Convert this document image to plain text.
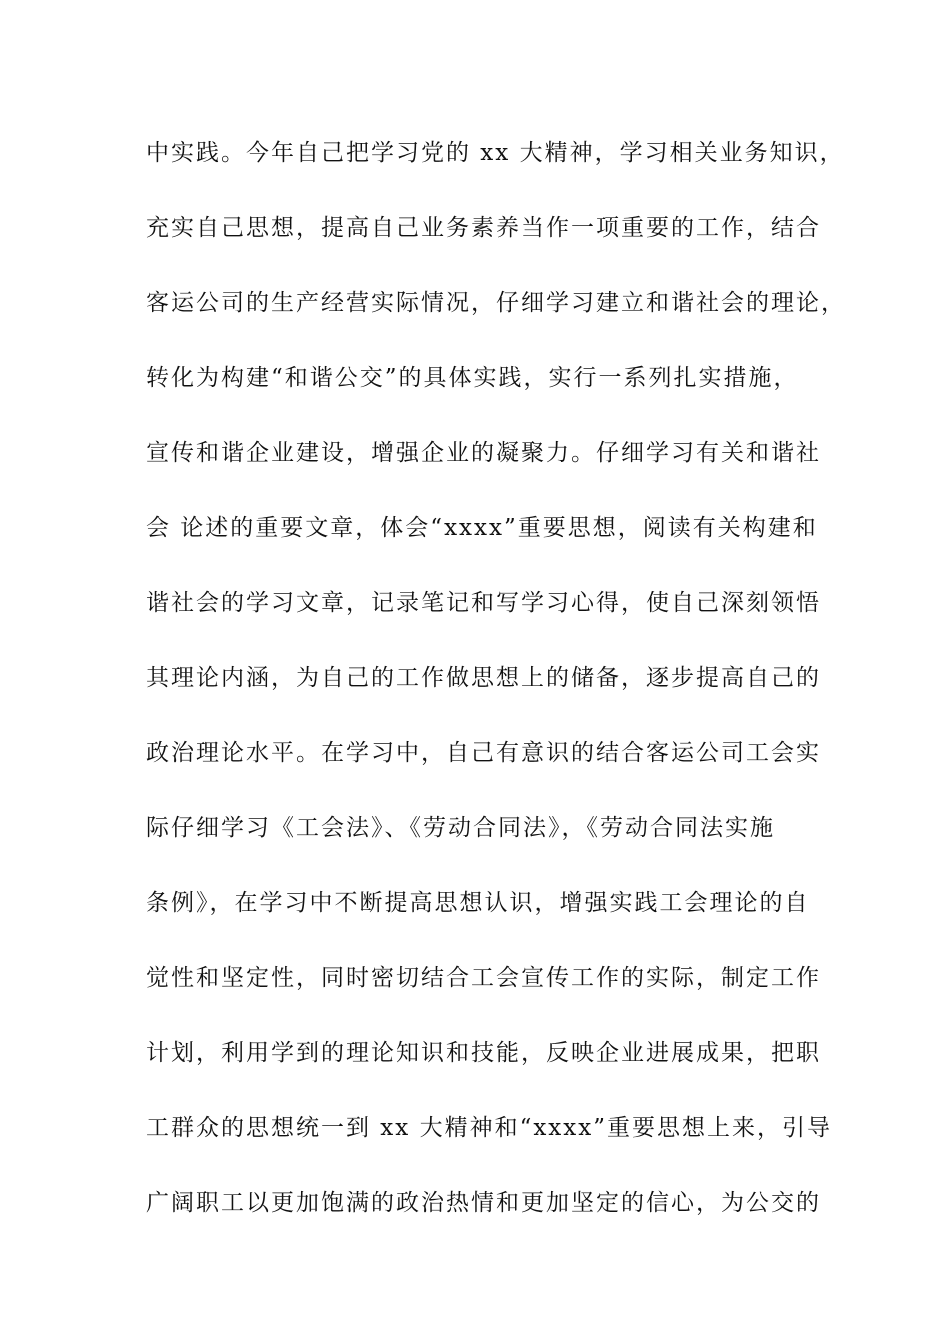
中实践。今年自己把学习党的 xx 大精神，学习相关业务知识，
充实自己思想，提高自己业务素养当作一项重要的工作，结合
客运公司的生产经营实际情况，仔细学习建立和谐社会的理论，
转化为构建“和谐公交”的具体实践，实行一系列扎实措施，
宣传和谐企业建设，增强企业的凝聚力。仔细学习有关和谐社
会 论述的重要文章，体会“xxxx”重要思想，阅读有关构建和
谐社会的学习文章，记录笔记和写学习心得，使自己深刻领悟
其理论内涵，为自己的工作做思想上的储备，逐步提高自己的
政治理论水平。在学习中，自己有意识的结合客运公司工会实
际仔细学习《工会法》、《劳动合同法》，《劳动合同法实施
条例》，在学习中不断提高思想认识，增强实践工会理论的自
觉性和坚定性，同时密切结合工会宣传工作的实际，制定工作
计划，利用学到的理论知识和技能，反映企业进展成果，把职
工群众的思想统一到 xx 大精神和“xxxx”重要思想上来，引导
广阔职工以更加饱满的政治热情和更加坚定的信心，为公交的
